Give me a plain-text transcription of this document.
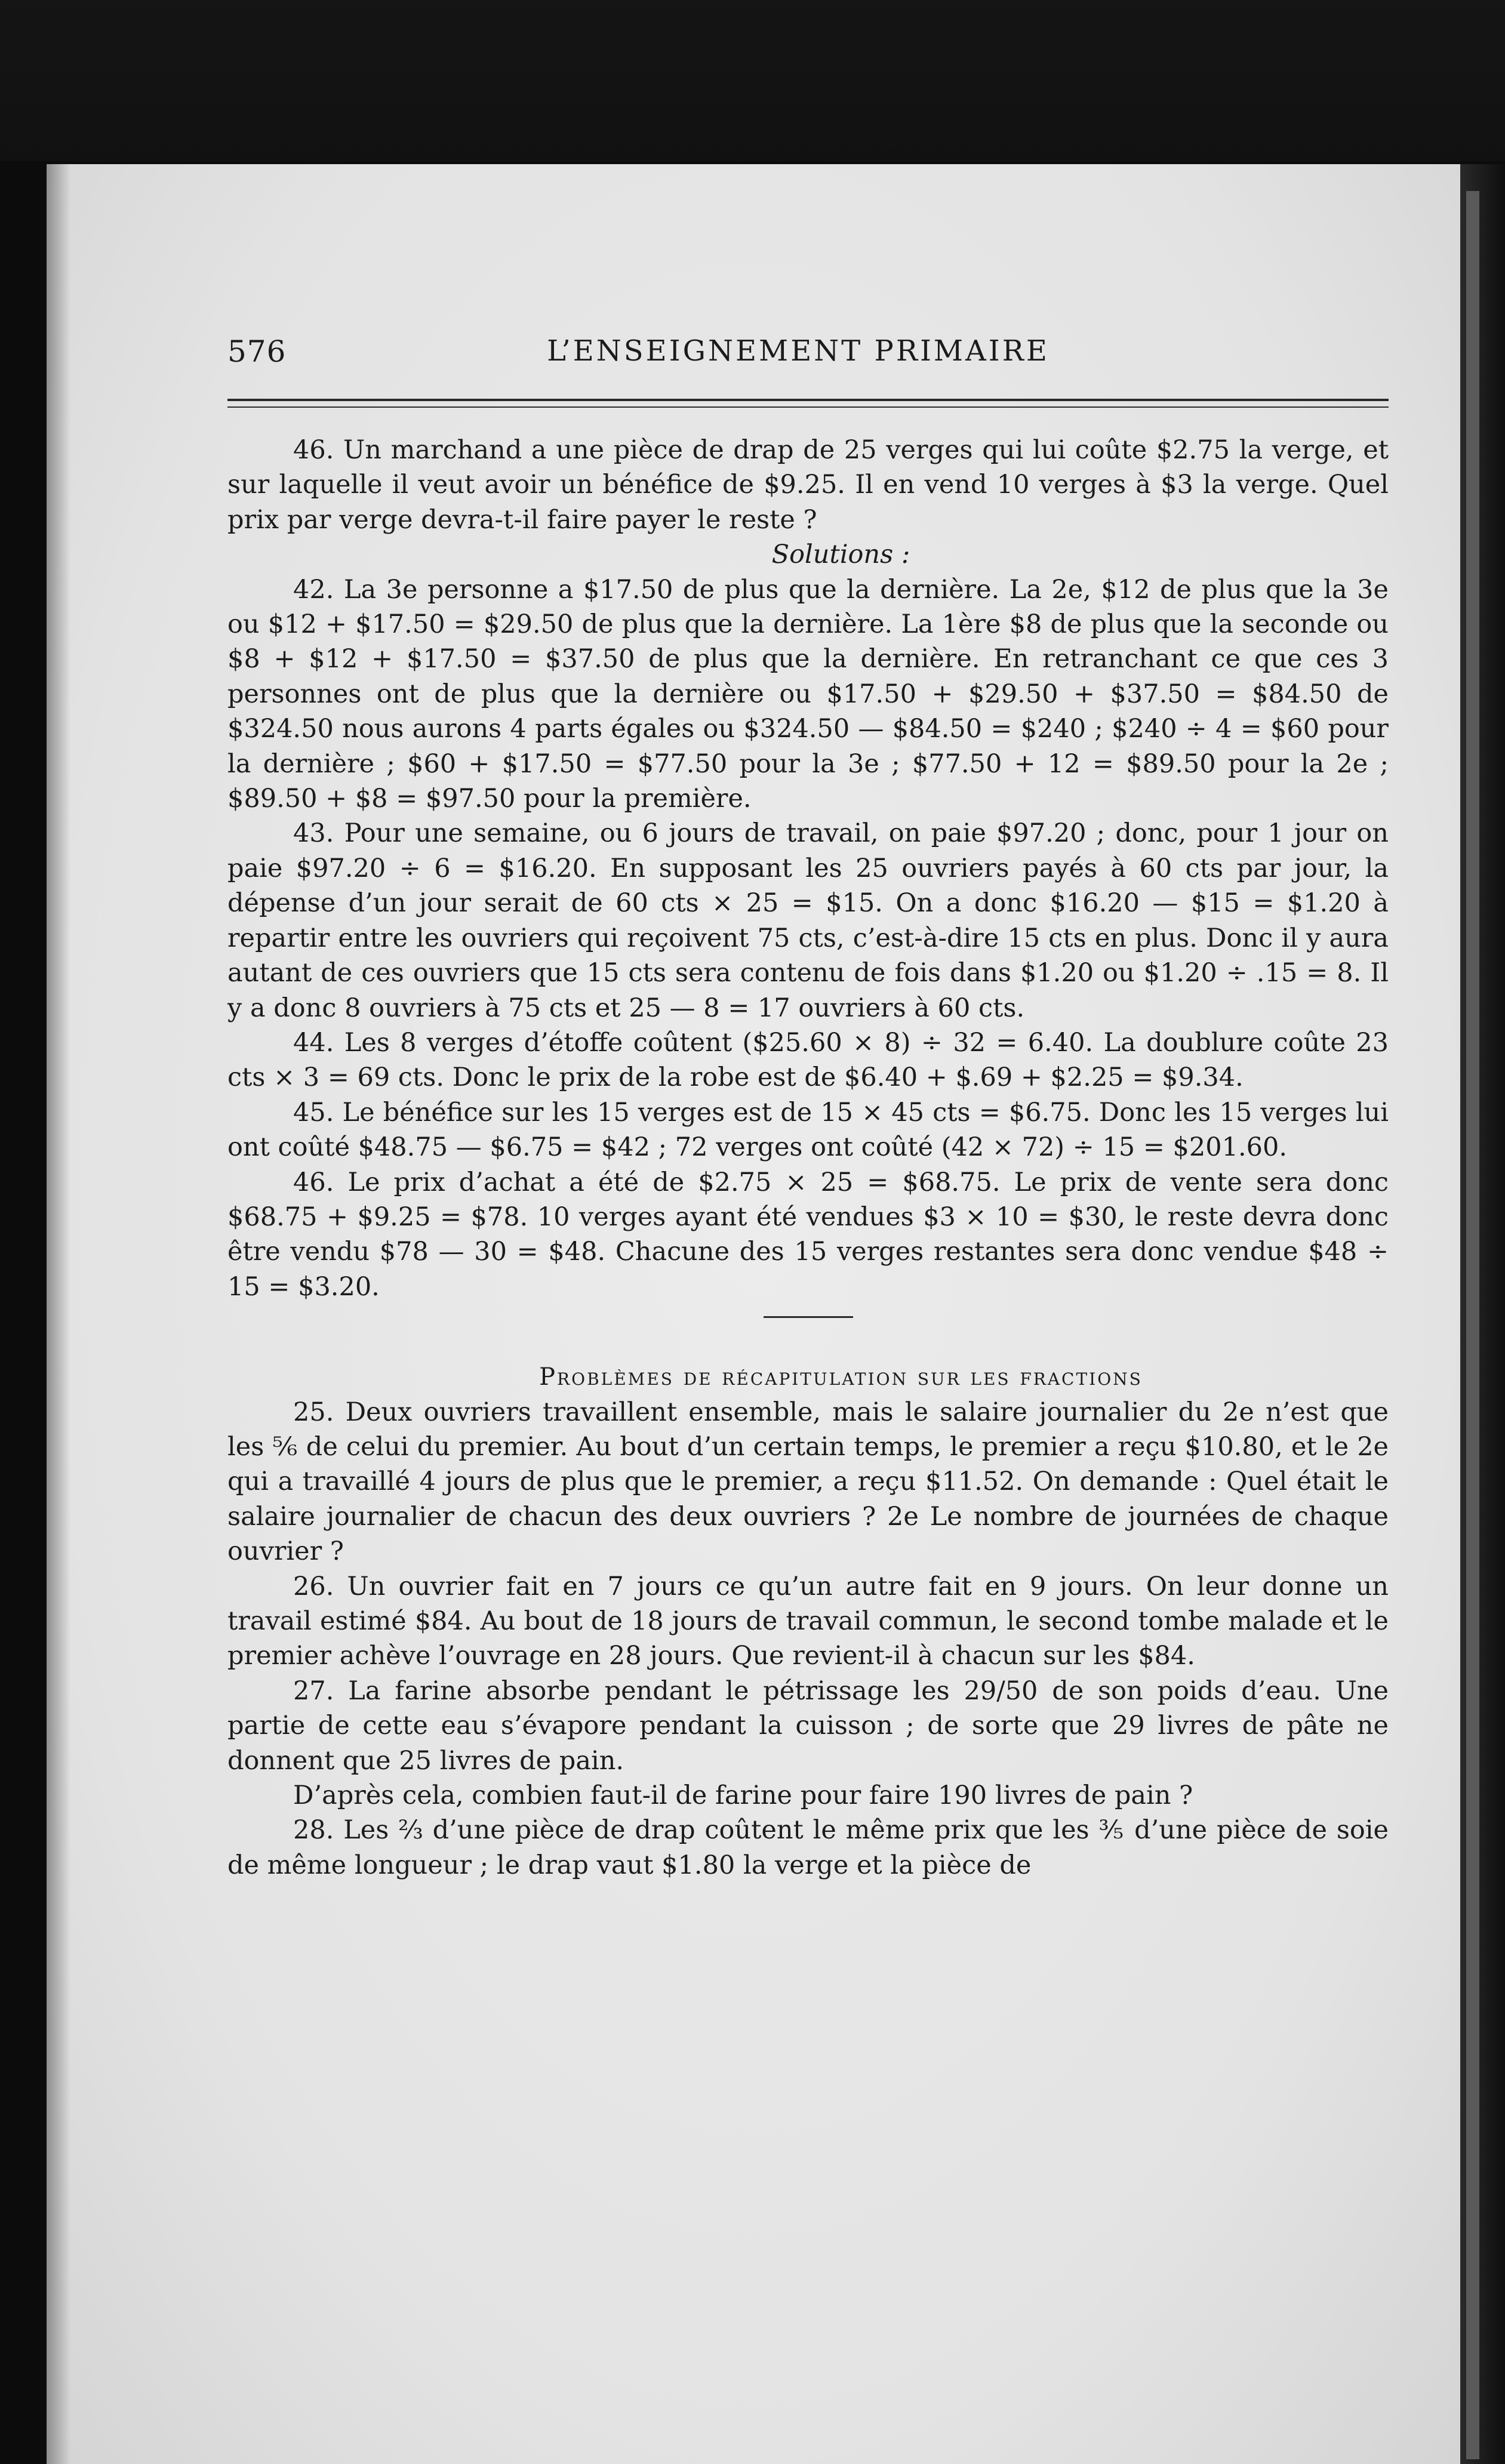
576	L’ENSEIGNEMENT PRIMAIRE

46. Un marchand a une pièce de drap de 25 verges qui lui coûte $2.75 la verge, et sur laquelle il veut avoir un bénéfice de $9.25. Il en vend 10 verges à $3 la verge. Quel prix par verge devra-t-il faire payer le reste ?

Solutions :

42. La 3e personne a $17.50 de plus que la dernière. La 2e, $12 de plus que la 3e ou $12 + $17.50 = $29.50 de plus que la dernière. La 1ère $8 de plus que la seconde ou $8 + $12 + $17.50 = $37.50 de plus que la dernière. En retranchant ce que ces 3 personnes ont de plus que la dernière ou $17.50 + $29.50 + $37.50 = $84.50 de $324.50 nous aurons 4 parts égales ou $324.50 — $84.50 = $240 ; $240 ÷ 4 = $60 pour la dernière ; $60 + $17.50 = $77.50 pour la 3e ; $77.50 + 12 = $89.50 pour la 2e ; $89.50 + $8 = $97.50 pour la première.

43. Pour une semaine, ou 6 jours de travail, on paie $97.20 ; donc, pour 1 jour on paie $97.20 ÷ 6 = $16.20. En supposant les 25 ouvriers payés à 60 cts par jour, la dépense d’un jour serait de 60 cts × 25 = $15. On a donc $16.20 — $15 = $1.20 à repartir entre les ouvriers qui reçoivent 75 cts, c’est-à-dire 15 cts en plus. Donc il y aura autant de ces ouvriers que 15 cts sera contenu de fois dans $1.20 ou $1.20 ÷ .15 = 8. Il y a donc 8 ouvriers à 75 cts et 25 — 8 = 17 ouvriers à 60 cts.

44. Les 8 verges d’étoffe coûtent ($25.60 × 8) ÷ 32 = 6.40. La doublure coûte 23 cts × 3 = 69 cts. Donc le prix de la robe est de $6.40 + $.69 + $2.25 = $9.34.

45. Le bénéfice sur les 15 verges est de 15 × 45 cts = $6.75. Donc les 15 verges lui ont coûté $48.75 — $6.75 = $42 ; 72 verges ont coûté (42 × 72) ÷ 15 = $201.60.

46. Le prix d’achat a été de $2.75 × 25 = $68.75. Le prix de vente sera donc $68.75 + $9.25 = $78. 10 verges ayant été vendues $3 × 10 = $30, le reste devra donc être vendu $78 — 30 = $48. Chacune des 15 verges restantes sera donc vendue $48 ÷ 15 = $3.20.

Problèmes de récapitulation sur les fractions

25. Deux ouvriers travaillent ensemble, mais le salaire journalier du 2e n’est que les ⅚ de celui du premier. Au bout d’un certain temps, le premier a reçu $10.80, et le 2e qui a travaillé 4 jours de plus que le premier, a reçu $11.52. On demande : Quel était le salaire journalier de chacun des deux ouvriers ? 2e Le nombre de journées de chaque ouvrier ?

26. Un ouvrier fait en 7 jours ce qu’un autre fait en 9 jours. On leur donne un travail estimé $84. Au bout de 18 jours de travail commun, le second tombe malade et le premier achève l’ouvrage en 28 jours. Que revient-il à chacun sur les $84.

27. La farine absorbe pendant le pétrissage les 29/50 de son poids d’eau. Une partie de cette eau s’évapore pendant la cuisson ; de sorte que 29 livres de pâte ne donnent que 25 livres de pain.

D’après cela, combien faut-il de farine pour faire 190 livres de pain ?

28. Les ⅔ d’une pièce de drap coûtent le même prix que les ⅗ d’une pièce de soie de même longueur ; le drap vaut $1.80 la verge et la pièce de
